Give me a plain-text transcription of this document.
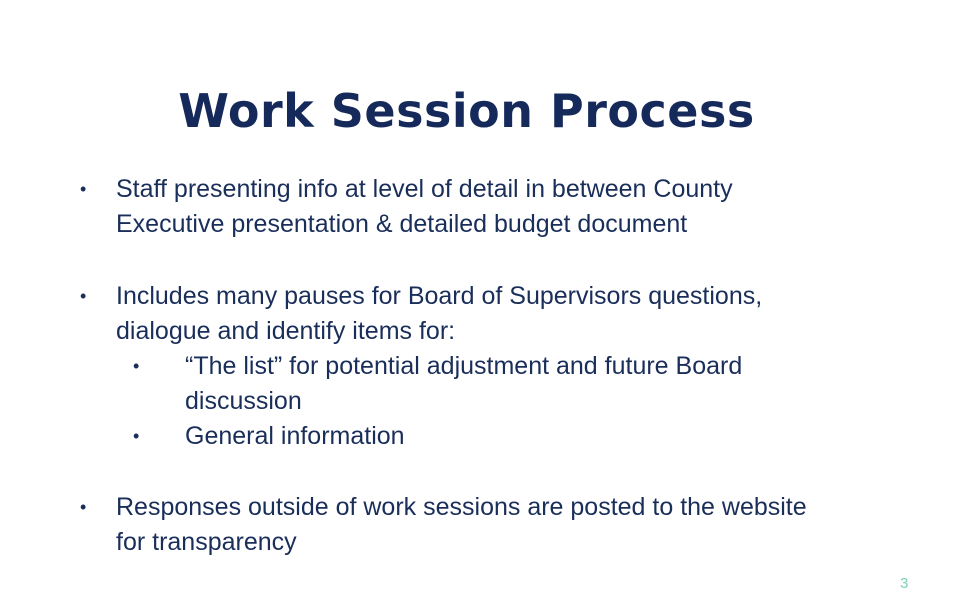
Work Session Process
• Staff presenting info at level of detail in between County
Executive presentation & detailed budget document
• Includes many pauses for Board of Supervisors questions,
dialogue and identify items for:
• “The list” for potential adjustment and future Board
discussion
• General information
• Responses outside of work sessions are posted to the website
for transparency
3
